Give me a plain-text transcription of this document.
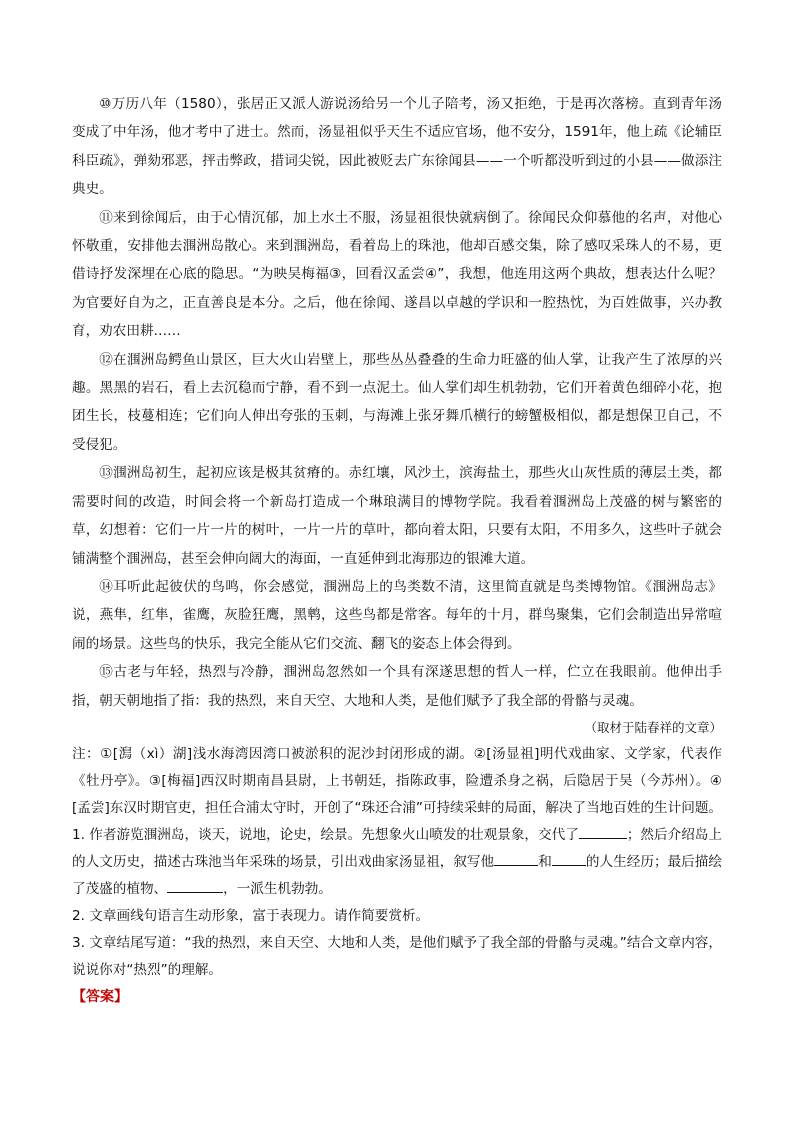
⑩万历八年（1580），张居正又派人游说汤给另一个儿子陪考，汤又拒绝，于是再次落榜。直到青年汤变成了中年汤，他才考中了进士。然而，汤显祖似乎天生不适应官场，他不安分，1591年，他上疏《论辅臣科臣疏》，弹劾邪恶，抨击弊政，措词尖锐，因此被贬去广东徐闻县——一个听都没听到过的小县——做添注典史。

⑪来到徐闻后，由于心情沉郁，加上水土不服，汤显祖很快就病倒了。徐闻民众仰慕他的名声，对他心怀敬重，安排他去涠洲岛散心。来到涠洲岛，看着岛上的珠池，他却百感交集，除了感叹采珠人的不易，更借诗抒发深埋在心底的隐思。“为映吴梅福③，回看汉孟尝④”，我想，他连用这两个典故，想表达什么呢？为官要好自为之，正直善良是本分。之后，他在徐闻、遂昌以卓越的学识和一腔热忱，为百姓做事，兴办教育，劝农田耕……

⑫在涠洲岛鳄鱼山景区，巨大火山岩壁上，那些丛丛叠叠的生命力旺盛的仙人掌，让我产生了浓厚的兴趣。黑黑的岩石，看上去沉稳而宁静，看不到一点泥土。仙人掌们却生机勃勃，它们开着黄色细碎小花，抱团生长，枝蔓相连；它们向人伸出夸张的玉刺，与海滩上张牙舞爪横行的螃蟹极相似，都是想保卫自己，不受侵犯。

⑬涠洲岛初生，起初应该是极其贫瘠的。赤红壤，风沙土，滨海盐土，那些火山灰性质的薄层土类，都需要时间的改造，时间会将一个新岛打造成一个琳琅满目的博物学院。我看着涠洲岛上茂盛的树与繁密的草，幻想着：它们一片一片的树叶，一片一片的草叶，都向着太阳，只要有太阳，不用多久，这些叶子就会铺满整个涠洲岛，甚至会伸向阔大的海面，一直延伸到北海那边的银滩大道。

⑭耳听此起彼伏的鸟鸣，你会感觉，涠洲岛上的鸟类数不清，这里简直就是鸟类博物馆。《涠洲岛志》说，燕隼，红隼，雀鹰，灰脸狂鹰，黑鹎，这些鸟都是常客。每年的十月，群鸟聚集，它们会制造出异常喧闹的场景。这些鸟的快乐，我完全能从它们交流、翻飞的姿态上体会得到。

⑮古老与年轻，热烈与冷静，涠洲岛忽然如一个具有深遂思想的哲人一样，伫立在我眼前。他伸出手指，朝天朝地指了指：我的热烈，来自天空、大地和人类，是他们赋予了我全部的骨骼与灵魂。

（取材于陆春祥的文章）

注：①[澙（xì）湖]浅水海湾因湾口被淤积的泥沙封闭形成的湖。②[汤显祖]明代戏曲家、文学家，代表作《牡丹亭》。③[梅福]西汉时期南昌县尉，上书朝廷，指陈政事，险遭杀身之祸，后隐居于吴（今苏州）。④[孟尝]东汉时期官吏，担任合浦太守时，开创了“珠还合浦”可持续采蚌的局面，解决了当地百姓的生计问题。

1. 作者游览涠洲岛，谈天，说地，论史，绘景。先想象火山喷发的壮观景象，交代了	；然后介绍岛上的人文历史，描述古珠池当年采珠的场景，引出戏曲家汤显祖，叙写他	和	的人生经历；最后描绘了茂盛的植物、	，一派生机勃勃。

2. 文章画线句语言生动形象，富于表现力。请作简要赏析。

3. 文章结尾写道：“我的热烈，来自天空、大地和人类，是他们赋予了我全部的骨骼与灵魂。”结合文章内容，说说你对“热烈”的理解。

【答案】
